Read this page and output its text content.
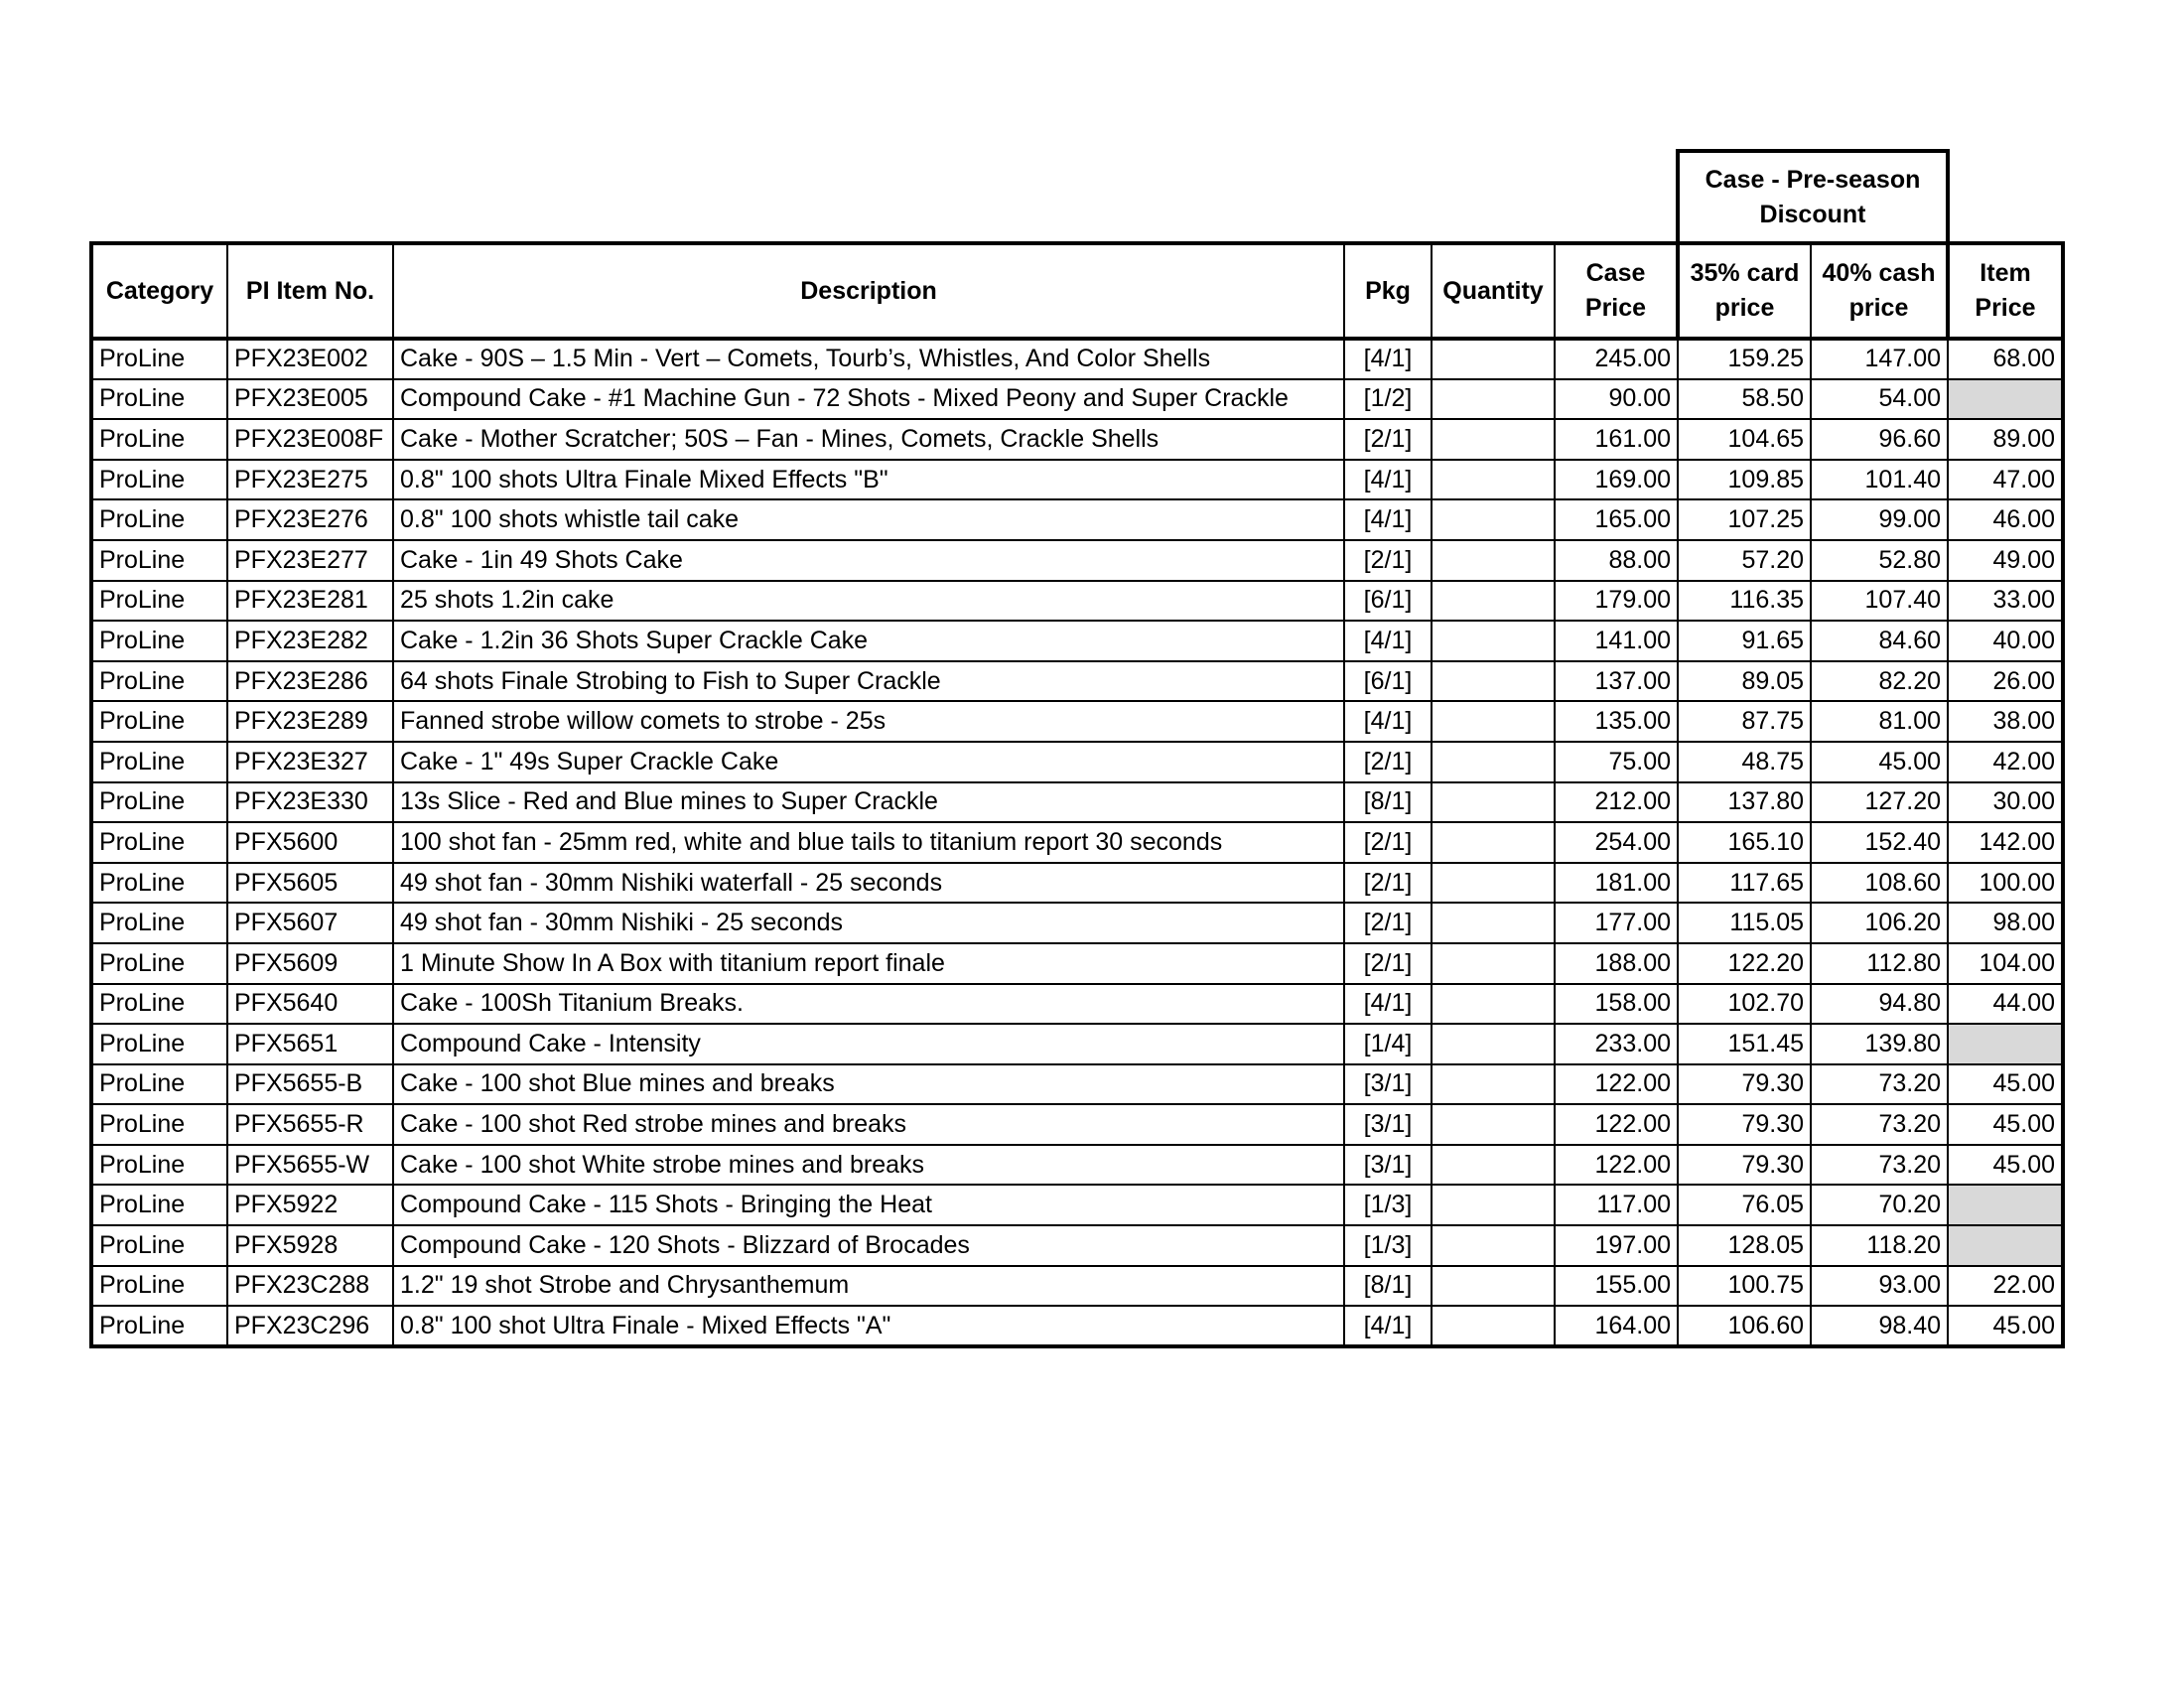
						Case - Pre-season Discount		
Category	PI Item No.	Description	Pkg	Quantity	Case Price	35% card price	40% cash price	Item Price
ProLine	PFX23E002	Cake - 90S – 1.5 Min - Vert – Comets, Tourb’s, Whistles, And Color Shells	[4/1]		245.00	159.25	147.00	68.00
ProLine	PFX23E005	Compound Cake - #1 Machine Gun - 72 Shots - Mixed Peony and Super Crackle	[1/2]		90.00	58.50	54.00	
ProLine	PFX23E008F	Cake - Mother Scratcher; 50S – Fan - Mines, Comets, Crackle Shells	[2/1]		161.00	104.65	96.60	89.00
ProLine	PFX23E275	0.8" 100 shots Ultra Finale Mixed Effects "B"	[4/1]		169.00	109.85	101.40	47.00
ProLine	PFX23E276	0.8" 100 shots whistle tail cake	[4/1]		165.00	107.25	99.00	46.00
ProLine	PFX23E277	Cake - 1in 49 Shots Cake	[2/1]		88.00	57.20	52.80	49.00
ProLine	PFX23E281	25 shots 1.2in cake	[6/1]		179.00	116.35	107.40	33.00
ProLine	PFX23E282	Cake - 1.2in 36 Shots Super Crackle Cake	[4/1]		141.00	91.65	84.60	40.00
ProLine	PFX23E286	64 shots Finale Strobing to Fish to Super Crackle	[6/1]		137.00	89.05	82.20	26.00
ProLine	PFX23E289	Fanned strobe willow comets to strobe - 25s	[4/1]		135.00	87.75	81.00	38.00
ProLine	PFX23E327	Cake - 1" 49s Super Crackle Cake	[2/1]		75.00	48.75	45.00	42.00
ProLine	PFX23E330	13s Slice - Red and Blue mines to Super Crackle	[8/1]		212.00	137.80	127.20	30.00
ProLine	PFX5600	100 shot fan - 25mm red, white and blue tails to titanium report 30 seconds	[2/1]		254.00	165.10	152.40	142.00
ProLine	PFX5605	49 shot fan - 30mm Nishiki waterfall - 25 seconds	[2/1]		181.00	117.65	108.60	100.00
ProLine	PFX5607	49 shot fan - 30mm Nishiki - 25 seconds	[2/1]		177.00	115.05	106.20	98.00
ProLine	PFX5609	1 Minute Show In A Box with titanium report finale	[2/1]		188.00	122.20	112.80	104.00
ProLine	PFX5640	Cake - 100Sh Titanium Breaks.	[4/1]		158.00	102.70	94.80	44.00
ProLine	PFX5651	Compound Cake - Intensity	[1/4]		233.00	151.45	139.80	
ProLine	PFX5655-B	Cake - 100 shot Blue mines and breaks	[3/1]		122.00	79.30	73.20	45.00
ProLine	PFX5655-R	Cake - 100 shot Red strobe mines and breaks	[3/1]		122.00	79.30	73.20	45.00
ProLine	PFX5655-W	Cake - 100 shot White strobe mines and breaks	[3/1]		122.00	79.30	73.20	45.00
ProLine	PFX5922	Compound Cake - 115 Shots - Bringing the Heat	[1/3]		117.00	76.05	70.20	
ProLine	PFX5928	Compound Cake - 120 Shots - Blizzard of Brocades	[1/3]		197.00	128.05	118.20	
ProLine	PFX23C288	1.2" 19 shot Strobe and Chrysanthemum	[8/1]		155.00	100.75	93.00	22.00
ProLine	PFX23C296	0.8" 100 shot Ultra Finale - Mixed Effects "A"	[4/1]		164.00	106.60	98.40	45.00
